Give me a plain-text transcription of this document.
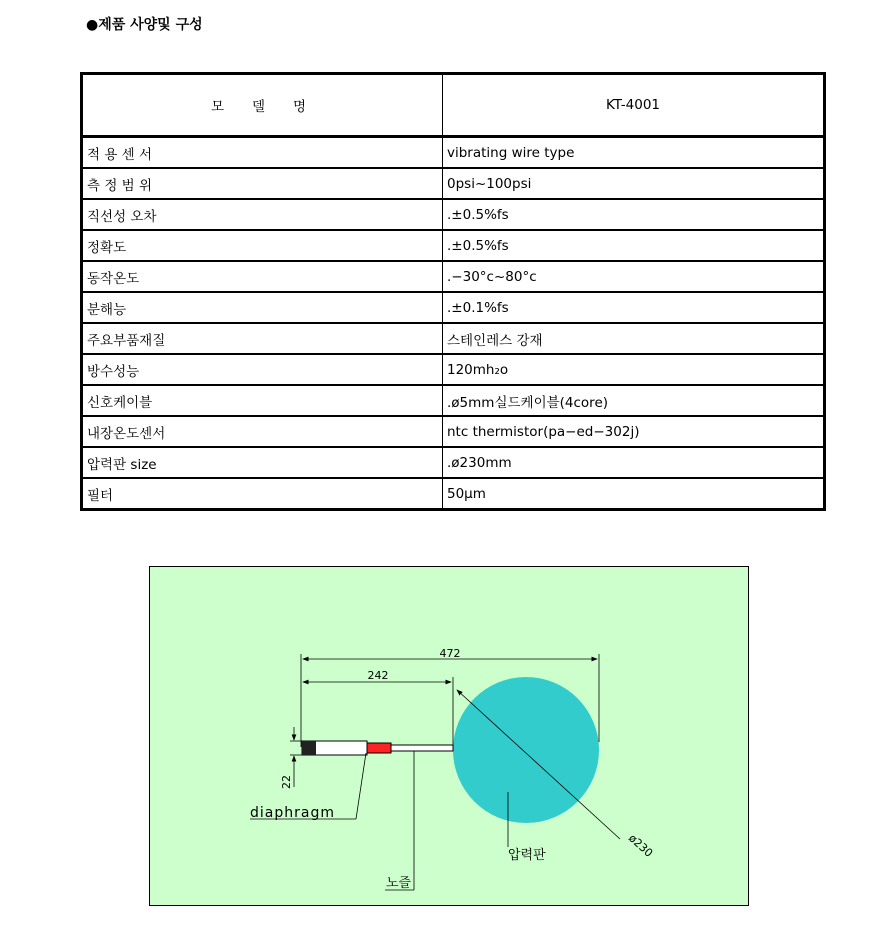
●제품 사양및 구성
모델명	KT-4001
적 용 센 서	vibrating wire type
측 정 범 위	0psi~100psi
직선성 오차	.±0.5%fs
정확도	.±0.5%fs
동작온도	.−30°c~80°c
분해능	.±0.1%fs
주요부품재질	스테인레스 강재
방수성능	120mh₂o
신호케이블	.ø5mm실드케이블(4core)
내장온도센서	ntc thermistor(pa−ed−302j)
압력판 size	.ø230mm
필터	50μm
472
242
22
ø230
diaphragm
압력판
노즐
